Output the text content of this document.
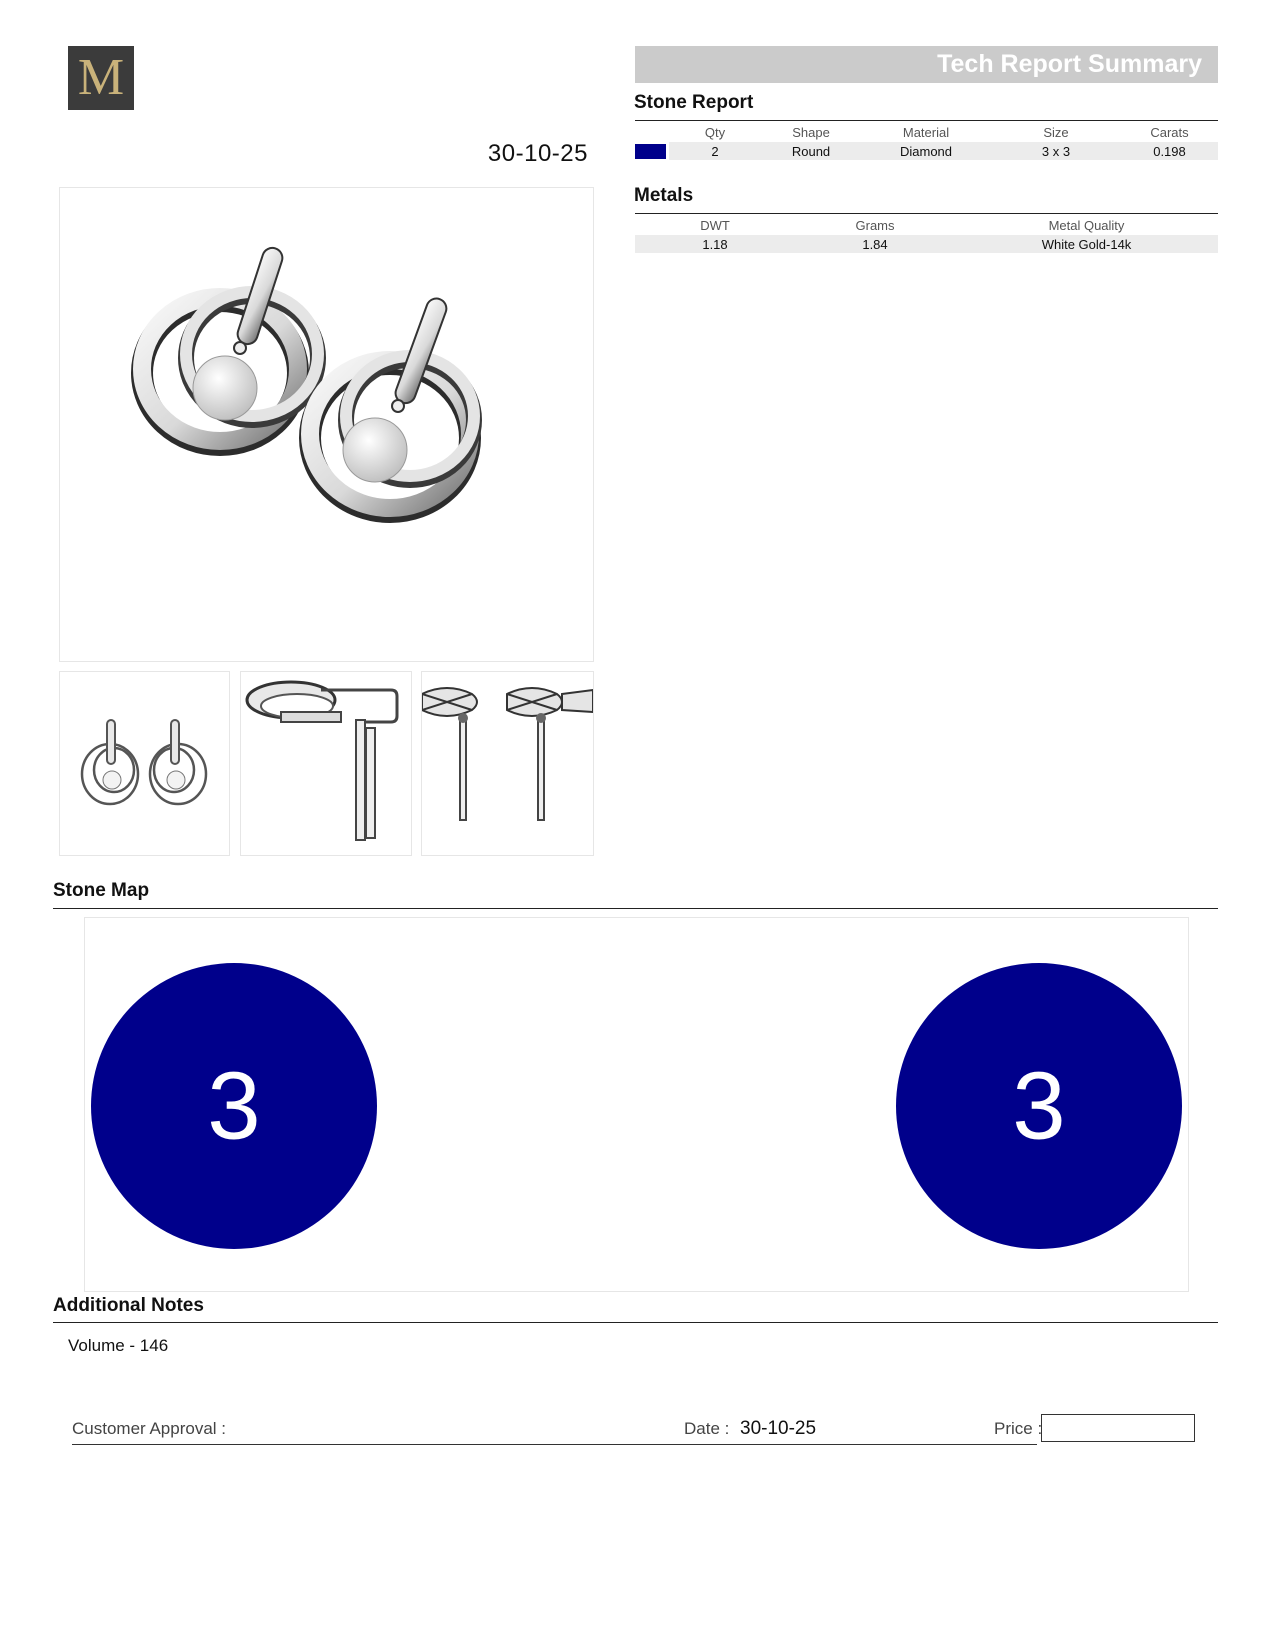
M
30-10-25
Tech Report Summary
Stone Report
	Qty	Shape	Material	Size	Carats
	2	Round	Diamond	3 x 3	0.198
Metals
DWT	Grams	Metal Quality
1.18	1.84	White Gold-14k
Stone Map
3	3
Additional Notes
Volume - 146
Customer Approval :	Date : 30-10-25	Price :
